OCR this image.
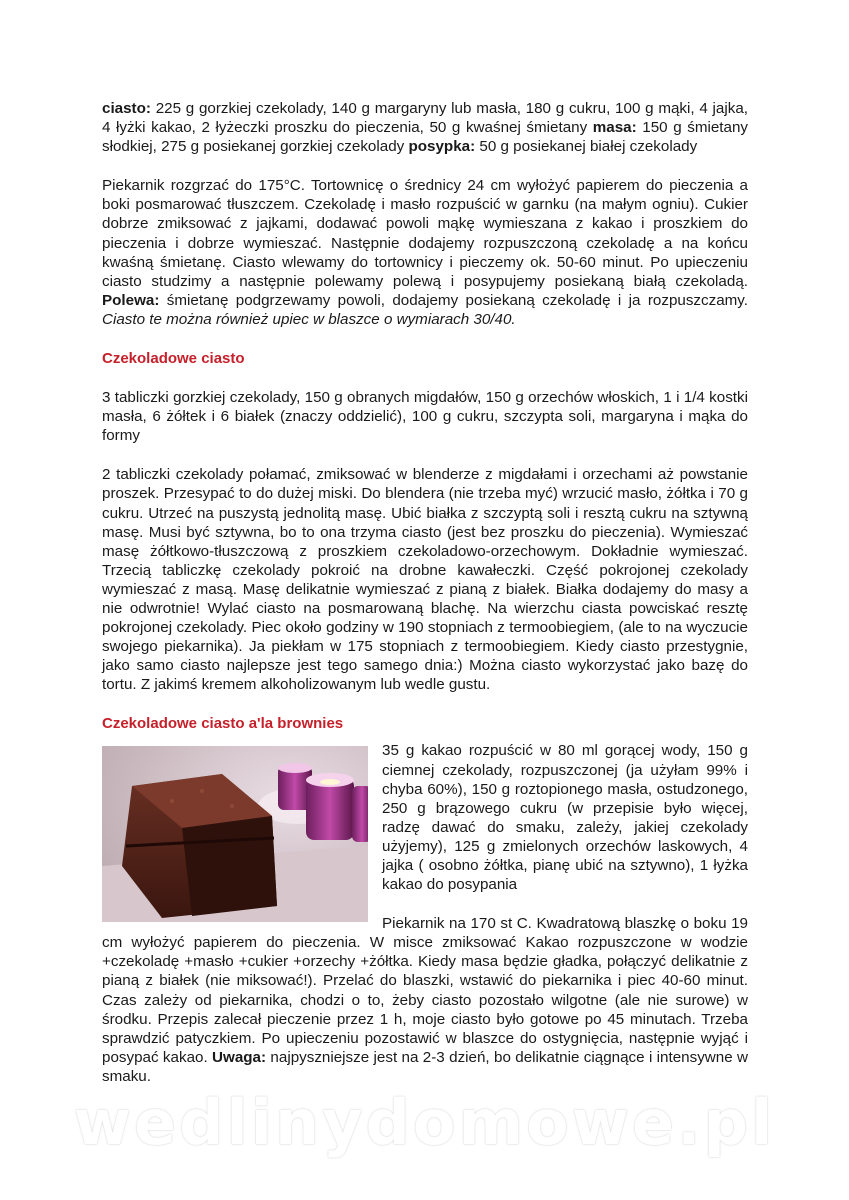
ciasto: 225 g gorzkiej czekolady, 140 g margaryny lub masła, 180 g cukru, 100 g mąki, 4 jajka, 4 łyżki kakao, 2 łyżeczki proszku do pieczenia, 50 g kwaśnej śmietany masa: 150 g śmietany słodkiej, 275 g posiekanej gorzkiej czekolady posypka: 50 g posiekanej białej czekolady

Piekarnik rozgrzać do 175°C. Tortownicę o średnicy 24 cm wyłożyć papierem do pieczenia a boki posmarować tłuszczem. Czekoladę i masło rozpuścić w garnku (na małym ogniu). Cukier dobrze zmiksować z jajkami, dodawać powoli mąkę wymieszana z kakao i proszkiem do pieczenia i dobrze wymieszać. Następnie dodajemy rozpuszczoną czekoladę a na końcu kwaśną śmietanę. Ciasto wlewamy do tortownicy i pieczemy ok. 50-60 minut. Po upieczeniu ciasto studzimy a następnie polewamy polewą i posypujemy posiekaną białą czekoladą. Polewa: śmietanę podgrzewamy powoli, dodajemy posiekaną czekoladę i ja rozpuszczamy. Ciasto te można również upiec w blaszce o wymiarach 30/40.

Czekoladowe ciasto

3 tabliczki gorzkiej czekolady, 150 g obranych migdałów, 150 g orzechów włoskich, 1 i 1/4 kostki masła, 6 żółtek i 6 białek (znaczy oddzielić), 100 g cukru, szczypta soli, margaryna i mąka do formy

2 tabliczki czekolady połamać, zmiksować w blenderze z migdałami i orzechami aż powstanie proszek. Przesypać to do dużej miski. Do blendera (nie trzeba myć) wrzucić masło, żółtka i 70 g cukru. Utrzeć na puszystą jednolitą masę. Ubić białka z szczyptą soli i resztą cukru na sztywną masę. Musi być sztywna, bo to ona trzyma ciasto (jest bez proszku do pieczenia). Wymieszać masę żółtkowo-tłuszczową z proszkiem czekoladowo-orzechowym. Dokładnie wymieszać. Trzecią tabliczkę czekolady pokroić na drobne kawałeczki. Część pokrojonej czekolady wymieszać z masą. Masę delikatnie wymieszać z pianą z białek. Białka dodajemy do masy a nie odwrotnie! Wylać ciasto na posmarowaną blachę. Na wierzchu ciasta powciskać resztę pokrojonej czekolady. Piec około godziny w 190 stopniach z termoobiegiem, (ale to na wyczucie swojego piekarnika). Ja piekłam w 175 stopniach z termoobiegiem. Kiedy ciasto przestygnie, jako samo ciasto najlepsze jest tego samego dnia:) Można ciasto wykorzystać jako bazę do tortu. Z jakimś kremem alkoholizowanym lub wedle gustu.

Czekoladowe ciasto a'la brownies

35 g kakao rozpuścić w 80 ml gorącej wody, 150 g ciemnej czekolady, rozpuszczonej (ja użyłam 99% i chyba 60%), 150 g roztopionego masła, ostudzonego, 250 g brązowego cukru (w przepisie było więcej, radzę dawać do smaku, zależy, jakiej czekolady użyjemy), 125 g zmielonych orzechów laskowych, 4 jajka ( osobno żółtka, pianę ubić na sztywno), 1 łyżka kakao do posypania

Piekarnik na 170 st C. Kwadratową blaszkę o boku 19 cm wyłożyć papierem do pieczenia. W misce zmiksować Kakao rozpuszczone w wodzie +czekoladę +masło +cukier +orzechy +żółtka. Kiedy masa będzie gładka, połączyć delikatnie z pianą z białek (nie miksować!). Przelać do blaszki, wstawić do piekarnika i piec 40-60 minut. Czas zależy od piekarnika, chodzi o to, żeby ciasto pozostało wilgotne (ale nie surowe) w środku. Przepis zalecał pieczenie przez 1 h, moje ciasto było gotowe po 45 minutach. Trzeba sprawdzić patyczkiem. Po upieczeniu pozostawić w blaszce do ostygnięcia, następnie wyjąć i posypać kakao. Uwaga: najpyszniejsze jest na 2-3 dzień, bo delikatnie ciągnące i intensywne w smaku.

wedlinydomowe.pl
